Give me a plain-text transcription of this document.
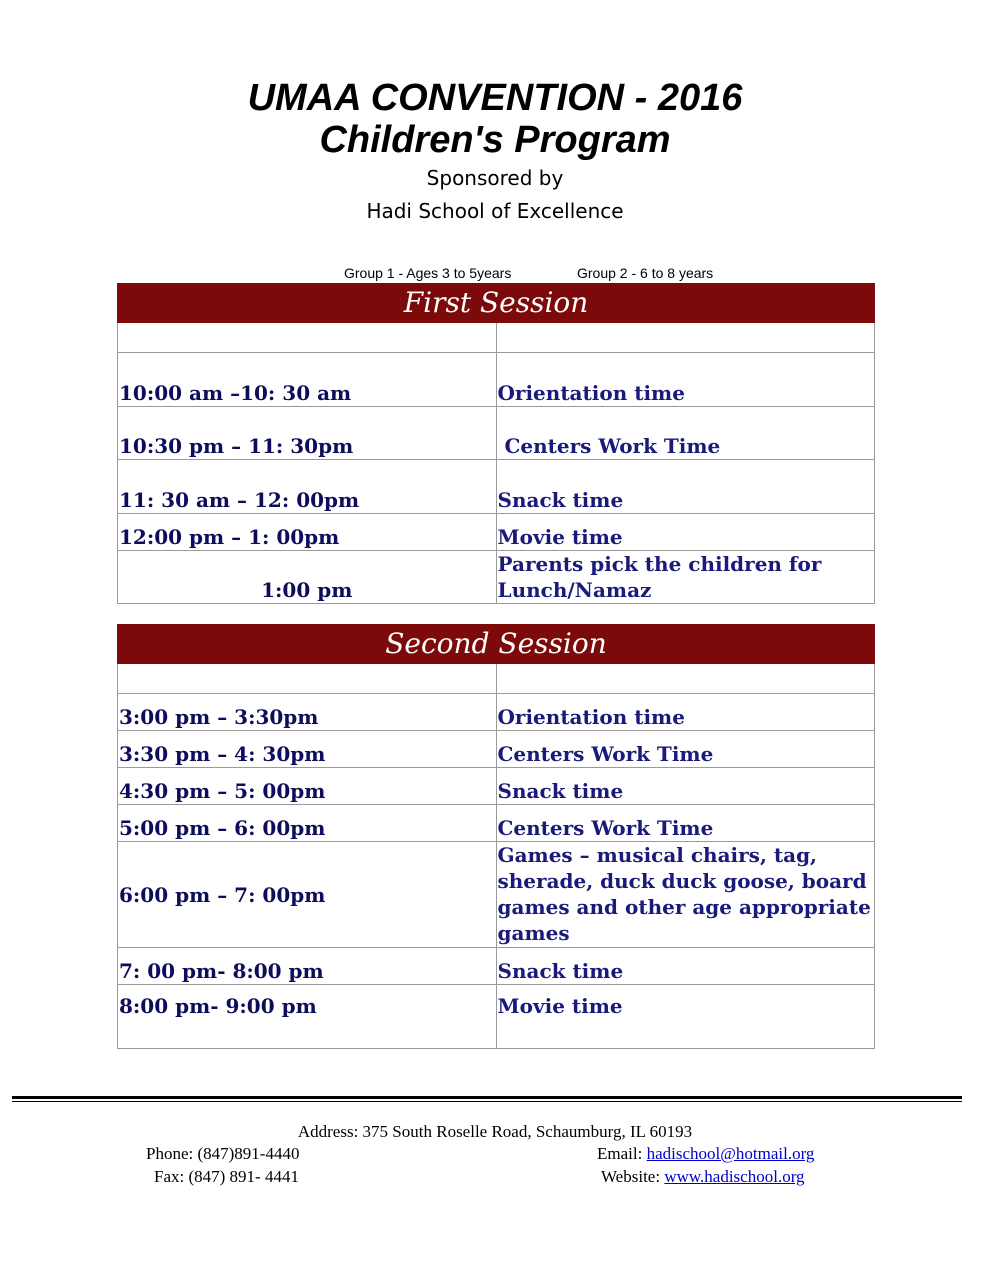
UMAA CONVENTION - 2016
Children's Program
Sponsored by
Hadi School of Excellence
Group 1 - Ages 3 to 5years	Group 2 - 6 to 8 years
First Session	

10:00 am –10: 30 am	Orientation time
10:30 pm – 11: 30pm	Centers Work Time
11: 30 am – 12: 00pm	Snack time
12:00 pm – 1: 00pm	Movie time
1:00 pm	Parents pick the children for Lunch/Namaz
Second Session	

3:00 pm – 3:30pm	Orientation time
3:30 pm – 4: 30pm	Centers Work Time
4:30 pm – 5: 00pm	Snack time
5:00 pm – 6: 00pm	Centers Work Time
6:00 pm – 7: 00pm	Games – musical chairs, tag, sherade, duck duck goose, board games and other age appropriate games
7: 00 pm- 8:00 pm	Snack time
8:00 pm- 9:00 pm	Movie time
Address: 375 South Roselle Road, Schaumburg, IL 60193
Phone: (847)891-4440
Fax: (847) 891- 4441
Email: hadischool@hotmail.org
Website: www.hadischool.org
